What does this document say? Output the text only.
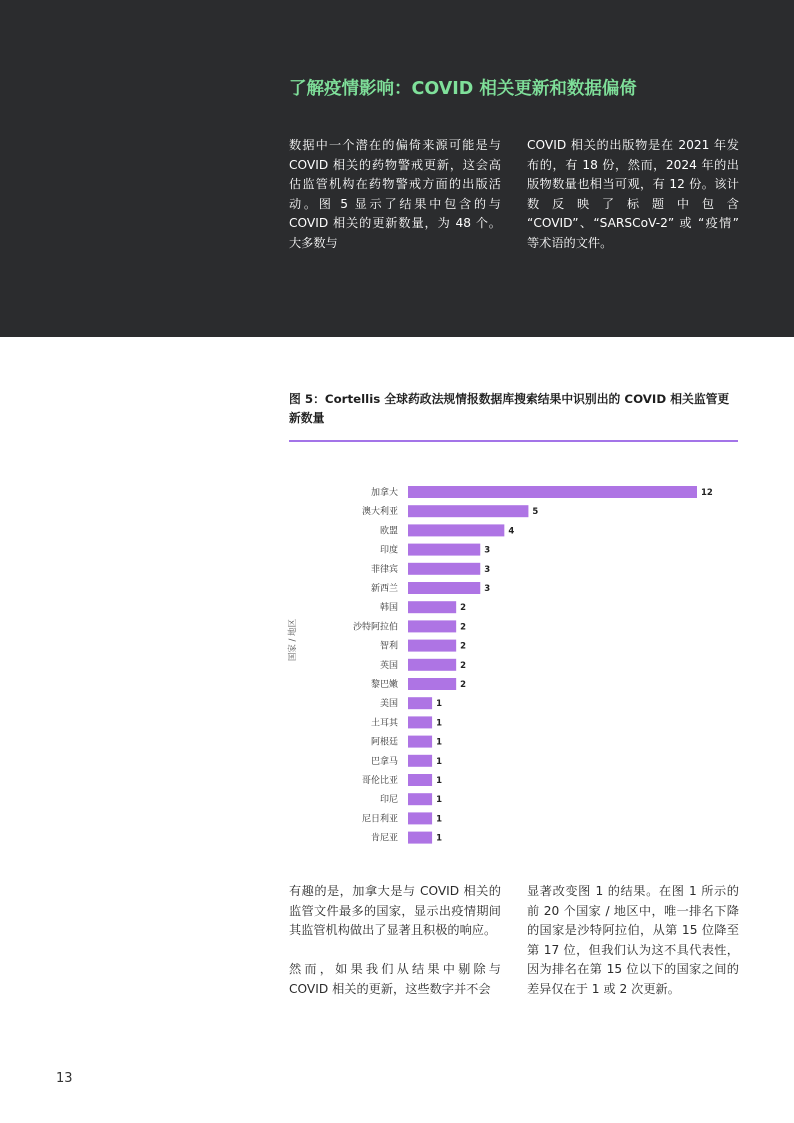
了解疫情影响：COVID 相关更新和数据偏倚

数据中一个潜在的偏倚来源可能是与 COVID 相关的药物警戒更新，这会高估监管机构在药物警戒方面的出版活动。图 5 显示了结果中包含的与 COVID 相关的更新数量，为 48 个。大多数与

COVID 相关的出版物是在 2021 年发布的，有 18 份，然而，2024 年的出版物数量也相当可观，有 12 份。该计数反映了标题中包含 “COVID”、“SARSCoV-2” 或 “疫情” 等术语的文件。

图 5：Cortellis 全球药政法规情报数据库搜索结果中识别出的 COVID 相关监管更新数量

加拿大	12
澳大利亚	5
欧盟	4
印度	3
菲律宾	3
新西兰	3
韩国	2
沙特阿拉伯	2
智利	2
英国	2
黎巴嫩	2
美国	1
土耳其	1
阿根廷	1
巴拿马	1
哥伦比亚	1
印尼	1
尼日利亚	1
肯尼亚	1
国家 / 地区
有趣的是，加拿大是与 COVID 相关的监管文件最多的国家，显示出疫情期间其监管机构做出了显著且积极的响应。
然而，如果我们从结果中剔除与 COVID 相关的更新，这些数字并不会

显著改变图 1 的结果。在图 1 所示的前 20 个国家 / 地区中，唯一排名下降的国家是沙特阿拉伯，从第 15 位降至第 17 位，但我们认为这不具代表性，因为排名在第 15 位以下的国家之间的差异仅在于 1 或 2 次更新。

13
